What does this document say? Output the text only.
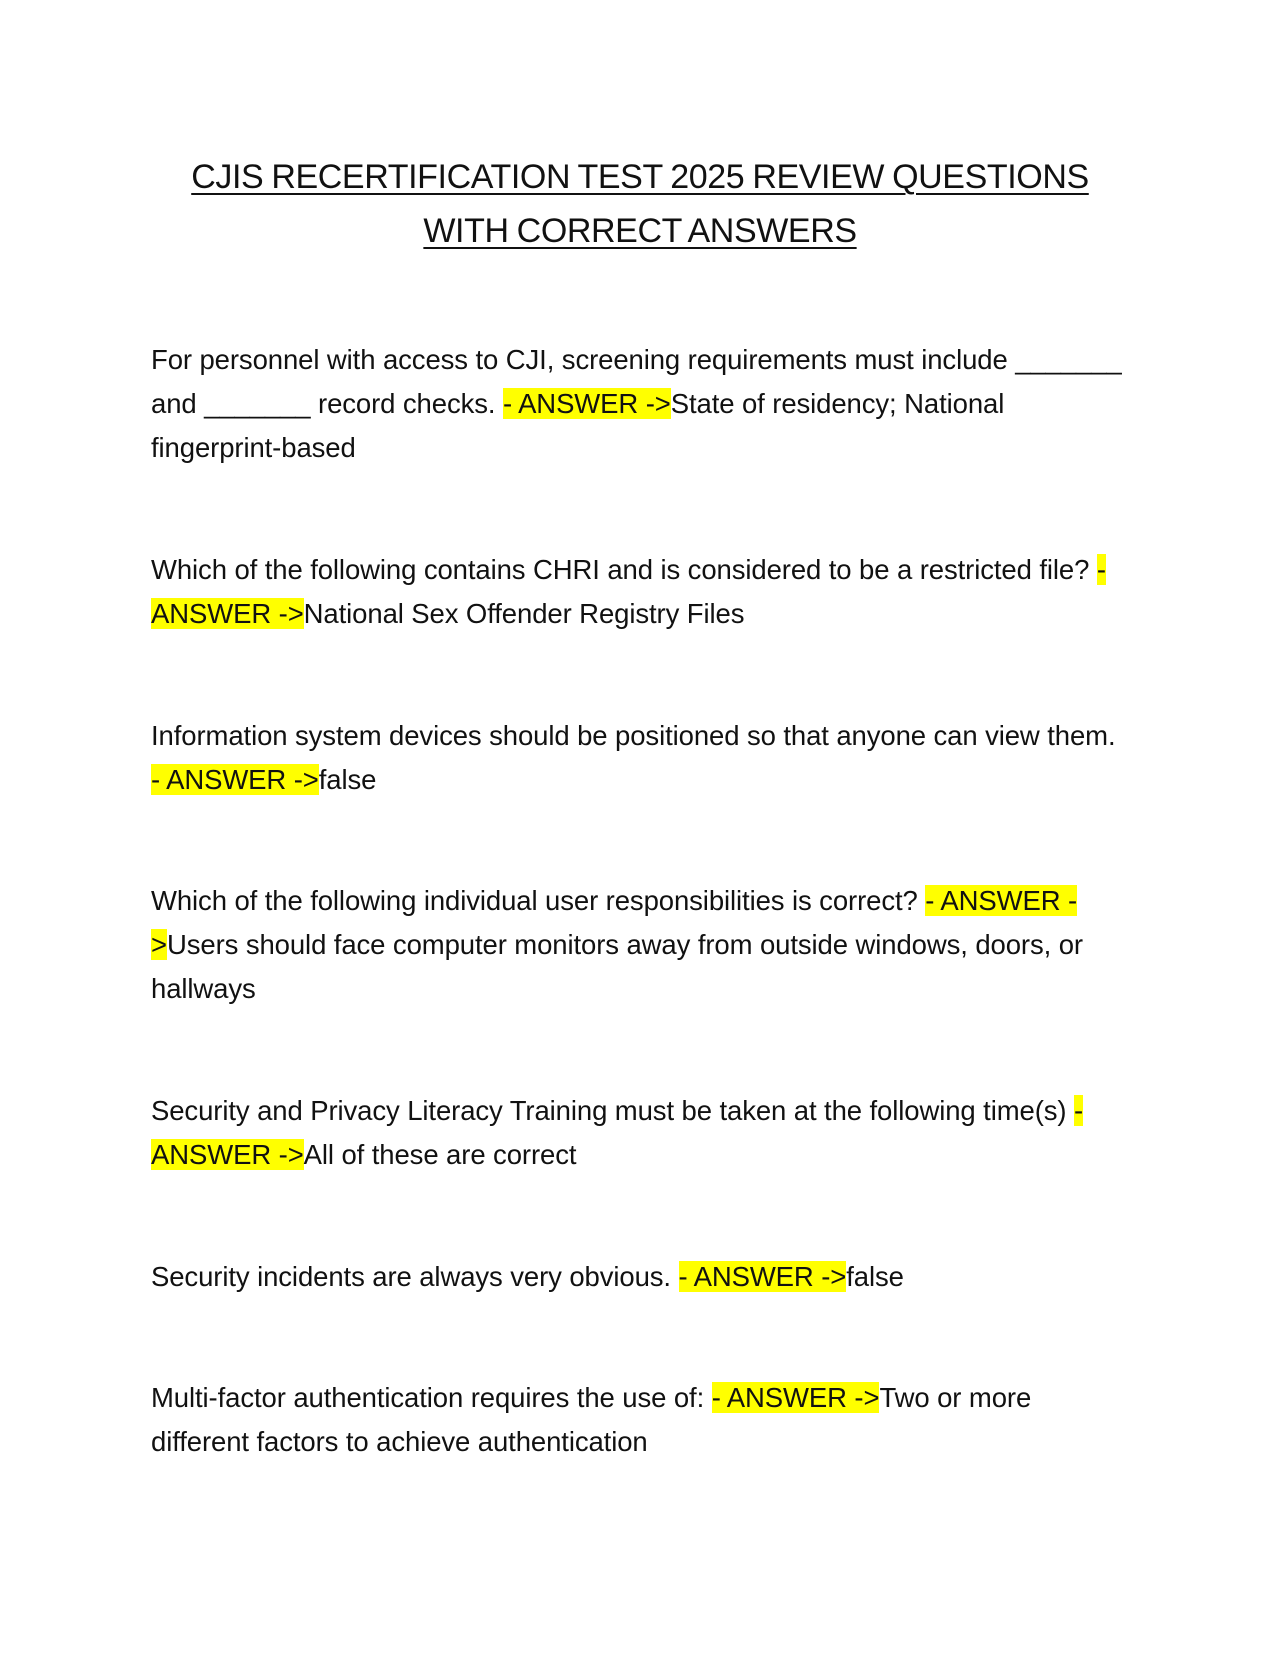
CJIS RECERTIFICATION TEST 2025 REVIEW QUESTIONS
WITH CORRECT ANSWERS

For personnel with access to CJI, screening requirements must include _______ and _______ record checks. - ANSWER ->State of residency; National fingerprint-based

Which of the following contains CHRI and is considered to be a restricted file? - ANSWER ->National Sex Offender Registry Files

Information system devices should be positioned so that anyone can view them. - ANSWER ->false

Which of the following individual user responsibilities is correct? - ANSWER ->Users should face computer monitors away from outside windows, doors, or hallways

Security and Privacy Literacy Training must be taken at the following time(s) - ANSWER ->All of these are correct

Security incidents are always very obvious. - ANSWER ->false

Multi-factor authentication requires the use of: - ANSWER ->Two or more different factors to achieve authentication
